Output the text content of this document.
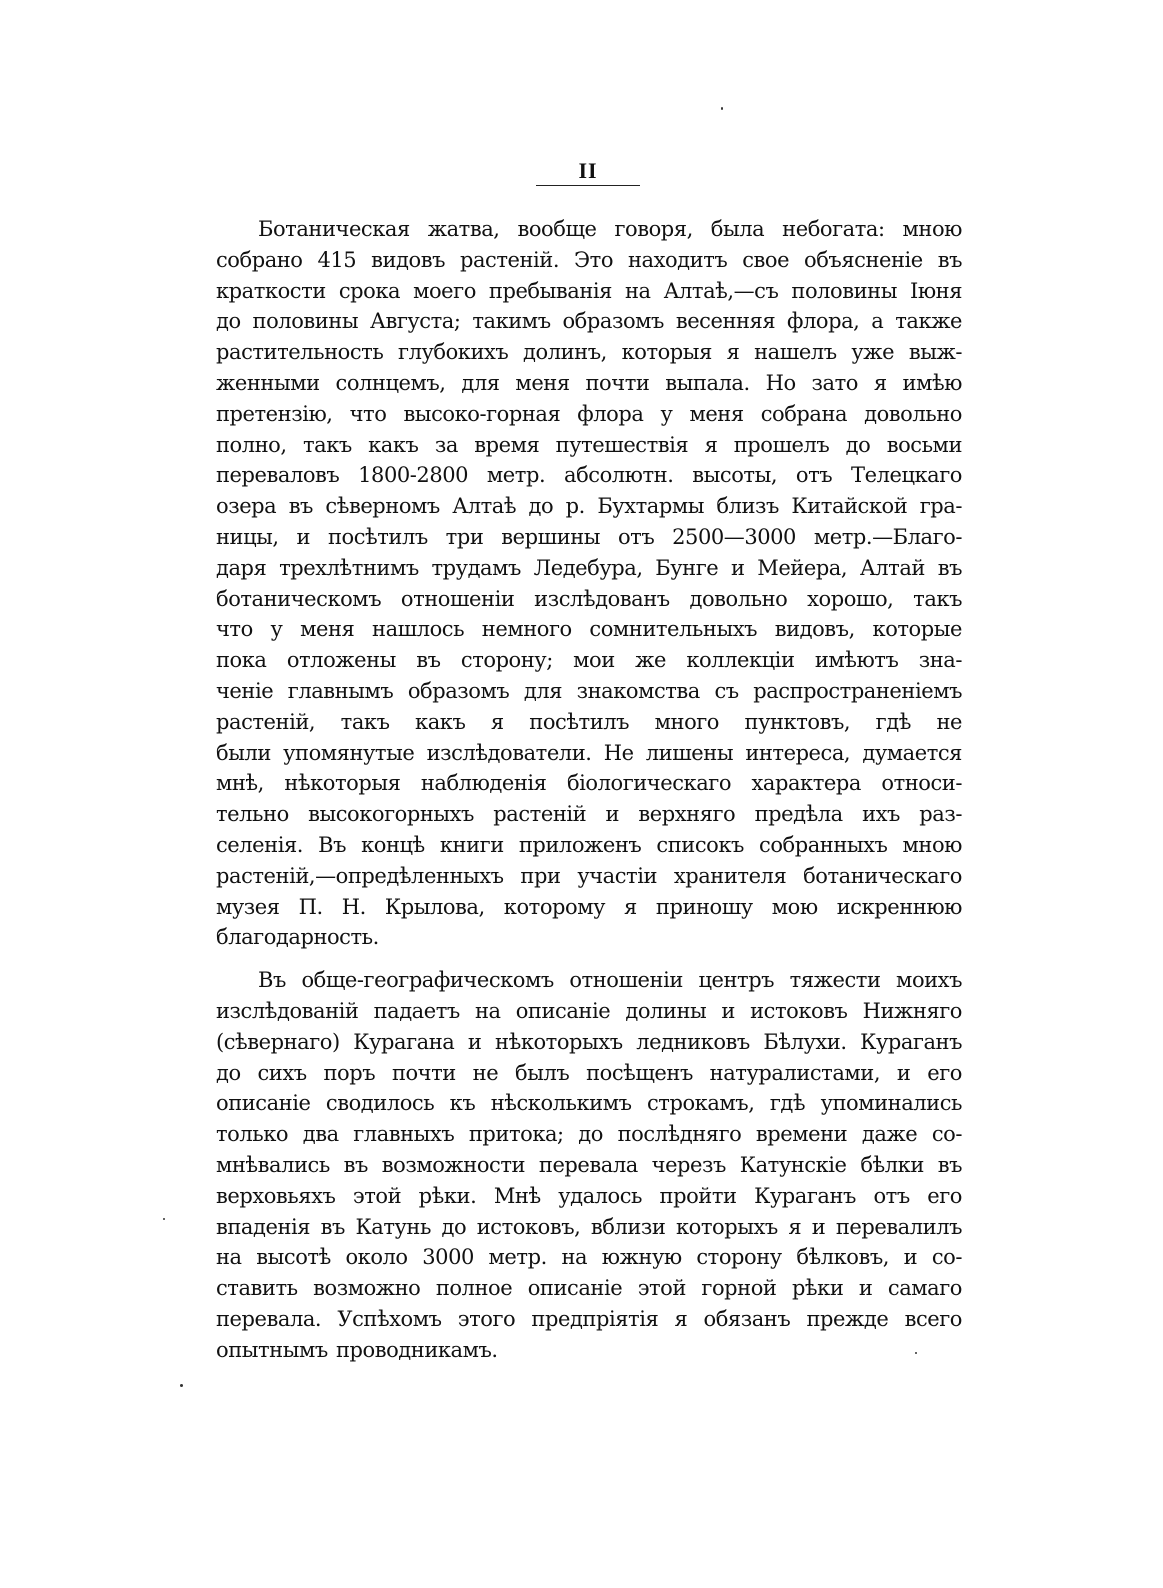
II
Ботаническая жатва, вообще говоря, была небогата: мною
собрано 415 видовъ растеній. Это находитъ свое объясненіе въ
краткости срока моего пребыванія на Алтаѣ,—съ половины Іюня
до половины Августа; такимъ образомъ весенняя флора, а также
растительность глубокихъ долинъ, которыя я нашелъ уже выж-
женными солнцемъ, для меня почти выпала. Но зато я имѣю
претензію, что высоко-горная флора у меня собрана довольно
полно, такъ какъ за время путешествія я прошелъ до восьми
переваловъ 1800-2800 метр. абсолютн. высоты, отъ Телецкаго
озера въ сѣверномъ Алтаѣ до р. Бухтармы близъ Китайской гра-
ницы, и посѣтилъ три вершины отъ 2500—3000 метр.—Благо-
даря трехлѣтнимъ трудамъ Ледебура, Бунге и Мейера, Алтай въ
ботаническомъ отношеніи изслѣдованъ довольно хорошо, такъ
что у меня нашлось немного сомнительныхъ видовъ, которые
пока отложены въ сторону; мои же коллекціи имѣютъ зна-
ченіе главнымъ образомъ для знакомства съ распространеніемъ
растеній, такъ какъ я посѣтилъ много пунктовъ, гдѣ не
были упомянутые изслѣдователи. Не лишены интереса, думается
мнѣ, нѣкоторыя наблюденія біологическаго характера относи-
тельно высокогорныхъ растеній и верхняго предѣла ихъ раз-
селенія. Въ концѣ книги приложенъ списокъ собранныхъ мною
растеній,—опредѣленныхъ при участіи хранителя ботаническаго
музея П. Н. Крылова, которому я приношу мою искреннюю
благодарность.
Въ обще-географическомъ отношеніи центръ тяжести моихъ
изслѣдованій падаетъ на описаніе долины и истоковъ Нижняго
(сѣвернаго) Курагана и нѣкоторыхъ ледниковъ Бѣлухи. Кураганъ
до сихъ поръ почти не былъ посѣщенъ натуралистами, и его
описаніе сводилось къ нѣсколькимъ строкамъ, гдѣ упоминались
только два главныхъ притока; до послѣдняго времени даже со-
мнѣвались въ возможности перевала черезъ Катунскіе бѣлки въ
верховьяхъ этой рѣки. Мнѣ удалось пройти Кураганъ отъ его
впаденія въ Катунь до истоковъ, вблизи которыхъ я и перевалилъ
на высотѣ около 3000 метр. на южную сторону бѣлковъ, и со-
ставить возможно полное описаніе этой горной рѣки и самаго
перевала. Успѣхомъ этого предпріятія я обязанъ прежде всего
опытнымъ проводникамъ.
